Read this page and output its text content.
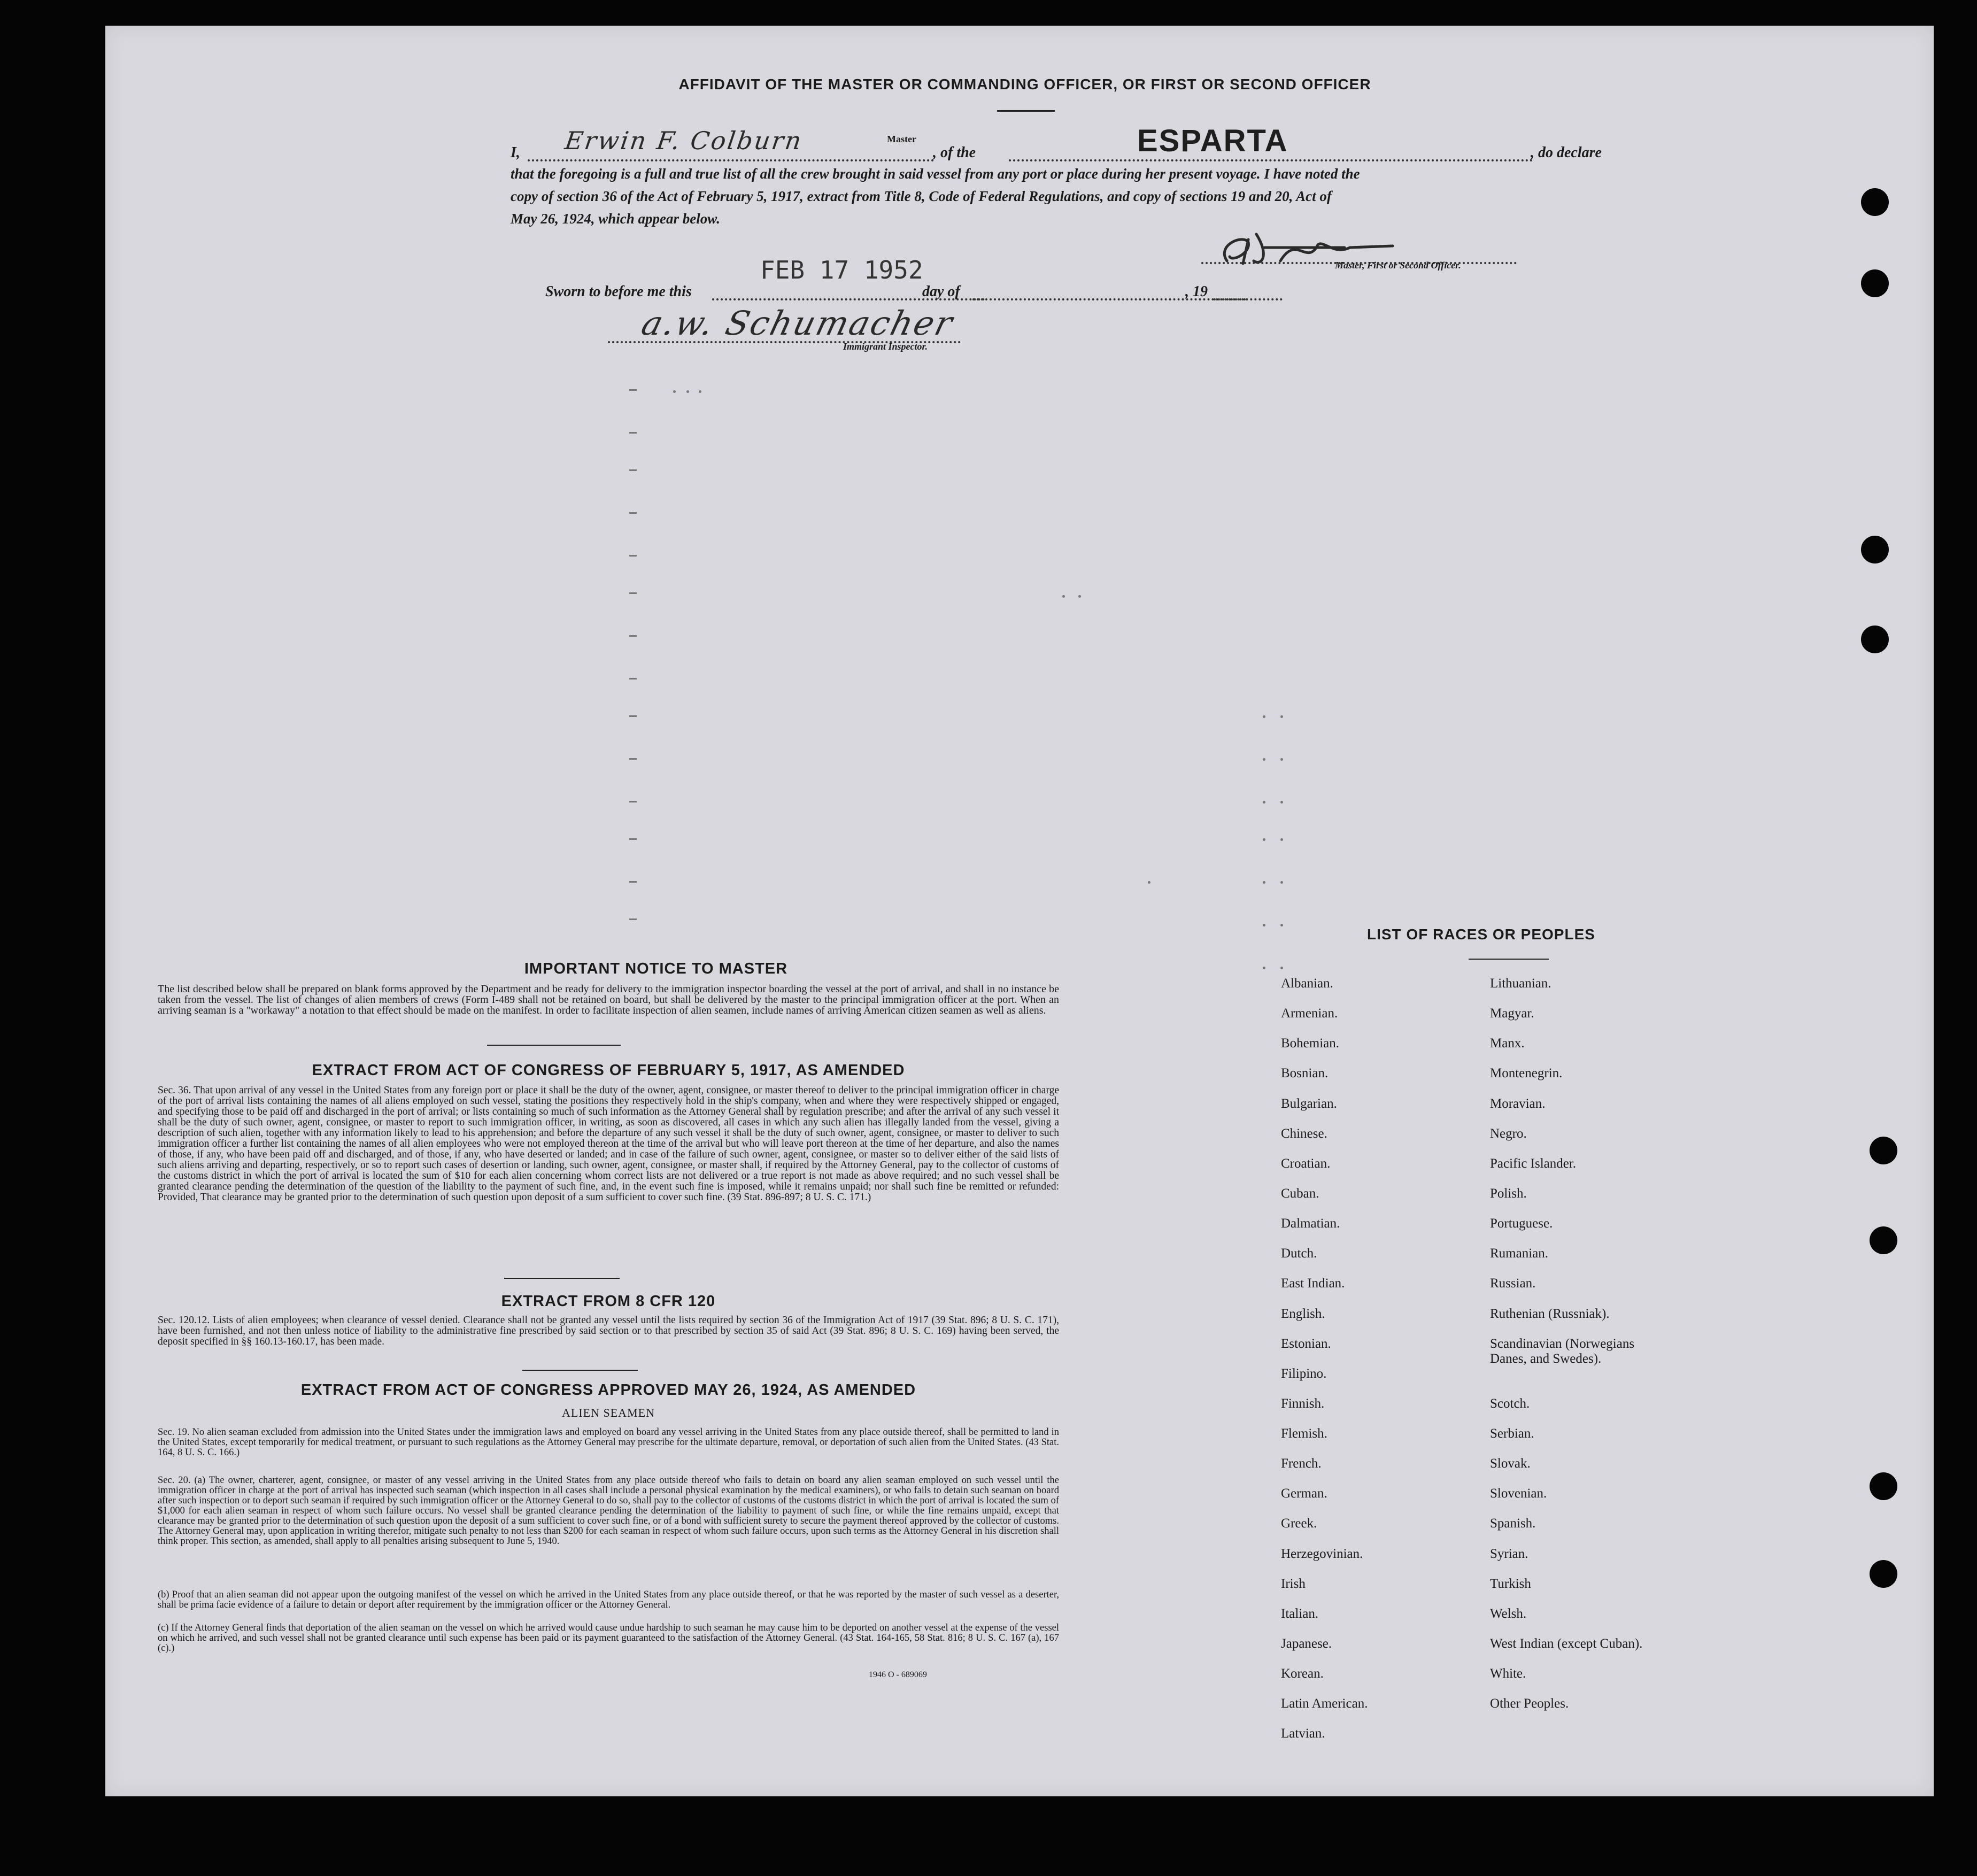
AFFIDAVIT OF THE MASTER OR COMMANDING OFFICER, OR FIRST OR SECOND OFFICER
I, Erwin F. Colburn	Master
, of the	ESPARTA	, do declare
that the foregoing is a full and true list of all the crew brought in said vessel from any port or place during her present voyage. I have noted the
copy of section 36 of the Act of February 5, 1917, extract from Title 8, Code of Federal Regulations, and copy of sections 19 and 20, Act of
May 26, 1924, which appear below.
Master, First or Second Officer.
Sworn to before me this
FEB 17 1952
day of	, 19
a.w. Schumacher
Immigrant Inspector.
IMPORTANT NOTICE TO MASTER

The list described below shall be prepared on blank forms approved by the Department and be ready for delivery to the immigration inspector boarding the vessel at the port of arrival, and shall in no instance be taken from the vessel. The list of changes of alien members of crews (Form I-489 shall not be retained on board, but shall be delivered by the master to the principal immigration officer at the port. When an arriving seaman is a "workaway" a notation to that effect should be made on the manifest. In order to facilitate inspection of alien seamen, include names of arriving American citizen seamen as well as aliens.

EXTRACT FROM ACT OF CONGRESS OF FEBRUARY 5, 1917, AS AMENDED

Sec. 36. That upon arrival of any vessel in the United States from any foreign port or place it shall be the duty of the owner, agent, consignee, or master thereof to deliver to the principal immigration officer in charge of the port of arrival lists containing the names of all aliens employed on such vessel, stating the positions they respectively hold in the ship's company, when and where they were respectively shipped or engaged, and specifying those to be paid off and discharged in the port of arrival; or lists containing so much of such information as the Attorney General shall by regulation prescribe; and after the arrival of any such vessel it shall be the duty of such owner, agent, consignee, or master to report to such immigration officer, in writing, as soon as discovered, all cases in which any such alien has illegally landed from the vessel, giving a description of such alien, together with any information likely to lead to his apprehension; and before the departure of any such vessel it shall be the duty of such owner, agent, consignee, or master to deliver to such immigration officer a further list containing the names of all alien employees who were not employed thereon at the time of the arrival but who will leave port thereon at the time of her departure, and also the names of those, if any, who have been paid off and discharged, and of those, if any, who have deserted or landed; and in case of the failure of such owner, agent, consignee, or master so to deliver either of the said lists of such aliens arriving and departing, respectively, or so to report such cases of desertion or landing, such owner, agent, consignee, or master shall, if required by the Attorney General, pay to the collector of customs of the customs district in which the port of arrival is located the sum of $10 for each alien concerning whom correct lists are not delivered or a true report is not made as above required; and no such vessel shall be granted clearance pending the determination of the question of the liability to the payment of such fine, and, in the event such fine is imposed, while it remains unpaid; nor shall such fine be remitted or refunded: Provided, That clearance may be granted prior to the determination of such question upon deposit of a sum sufficient to cover such fine. (39 Stat. 896-897; 8 U. S. C. 171.)

EXTRACT FROM 8 CFR 120

Sec. 120.12. Lists of alien employees; when clearance of vessel denied. Clearance shall not be granted any vessel until the lists required by section 36 of the Immigration Act of 1917 (39 Stat. 896; 8 U. S. C. 171), have been furnished, and not then unless notice of liability to the administrative fine prescribed by said section or to that prescribed by section 35 of said Act (39 Stat. 896; 8 U. S. C. 169) having been served, the deposit specified in §§ 160.13-160.17, has been made.

EXTRACT FROM ACT OF CONGRESS APPROVED MAY 26, 1924, AS AMENDED
ALIEN SEAMEN

Sec. 19. No alien seaman excluded from admission into the United States under the immigration laws and employed on board any vessel arriving in the United States from any place outside thereof, shall be permitted to land in the United States, except temporarily for medical treatment, or pursuant to such regulations as the Attorney General may prescribe for the ultimate departure, removal, or deportation of such alien from the United States. (43 Stat. 164, 8 U. S. C. 166.)

Sec. 20. (a) The owner, charterer, agent, consignee, or master of any vessel arriving in the United States from any place outside thereof who fails to detain on board any alien seaman employed on such vessel until the immigration officer in charge at the port of arrival has inspected such seaman (which inspection in all cases shall include a personal physical examination by the medical examiners), or who fails to detain such seaman on board after such inspection or to deport such seaman if required by such immigration officer or the Attorney General to do so, shall pay to the collector of customs of the customs district in which the port of arrival is located the sum of $1,000 for each alien seaman in respect of whom such failure occurs. No vessel shall be granted clearance pending the determination of the liability to payment of such fine, or while the fine remains unpaid, except that clearance may be granted prior to the determination of such question upon the deposit of a sum sufficient to cover such fine, or of a bond with sufficient surety to secure the payment thereof approved by the collector of customs. The Attorney General may, upon application in writing therefor, mitigate such penalty to not less than $200 for each seaman in respect of whom such failure occurs, upon such terms as the Attorney General in his discretion shall think proper. This section, as amended, shall apply to all penalties arising subsequent to June 5, 1940.

(b) Proof that an alien seaman did not appear upon the outgoing manifest of the vessel on which he arrived in the United States from any place outside thereof, or that he was reported by the master of such vessel as a deserter, shall be prima facie evidence of a failure to detain or deport after requirement by the immigration officer or the Attorney General.

(c) If the Attorney General finds that deportation of the alien seaman on the vessel on which he arrived would cause undue hardship to such seaman he may cause him to be deported on another vessel at the expense of the vessel on which he arrived, and such vessel shall not be granted clearance until such expense has been paid or its payment guaranteed to the satisfaction of the Attorney General. (43 Stat. 164-165, 58 Stat. 816; 8 U. S. C. 167 (a), 167 (c).)

1946 O - 689069
LIST OF RACES OR PEOPLES
Albanian.
Armenian.
Bohemian.
Bosnian.
Bulgarian.
Chinese.
Croatian.
Cuban.
Dalmatian.
Dutch.
East Indian.
English.
Estonian.
Filipino.
Finnish.
Flemish.
French.
German.
Greek.
Herzegovinian.
Irish
Italian.
Japanese.
Korean.
Latin American.
Latvian.
Lithuanian.
Magyar.
Manx.
Montenegrin.
Moravian.
Negro.
Pacific Islander.
Polish.
Portuguese.
Rumanian.
Russian.
Ruthenian (Russniak).
Scandinavian (Norwegians
Danes, and Swedes).
Scotch.
Serbian.
Slovak.
Slovenian.
Spanish.
Syrian.
Turkish
Welsh.
West Indian (except Cuban).
White.
Other Peoples.
